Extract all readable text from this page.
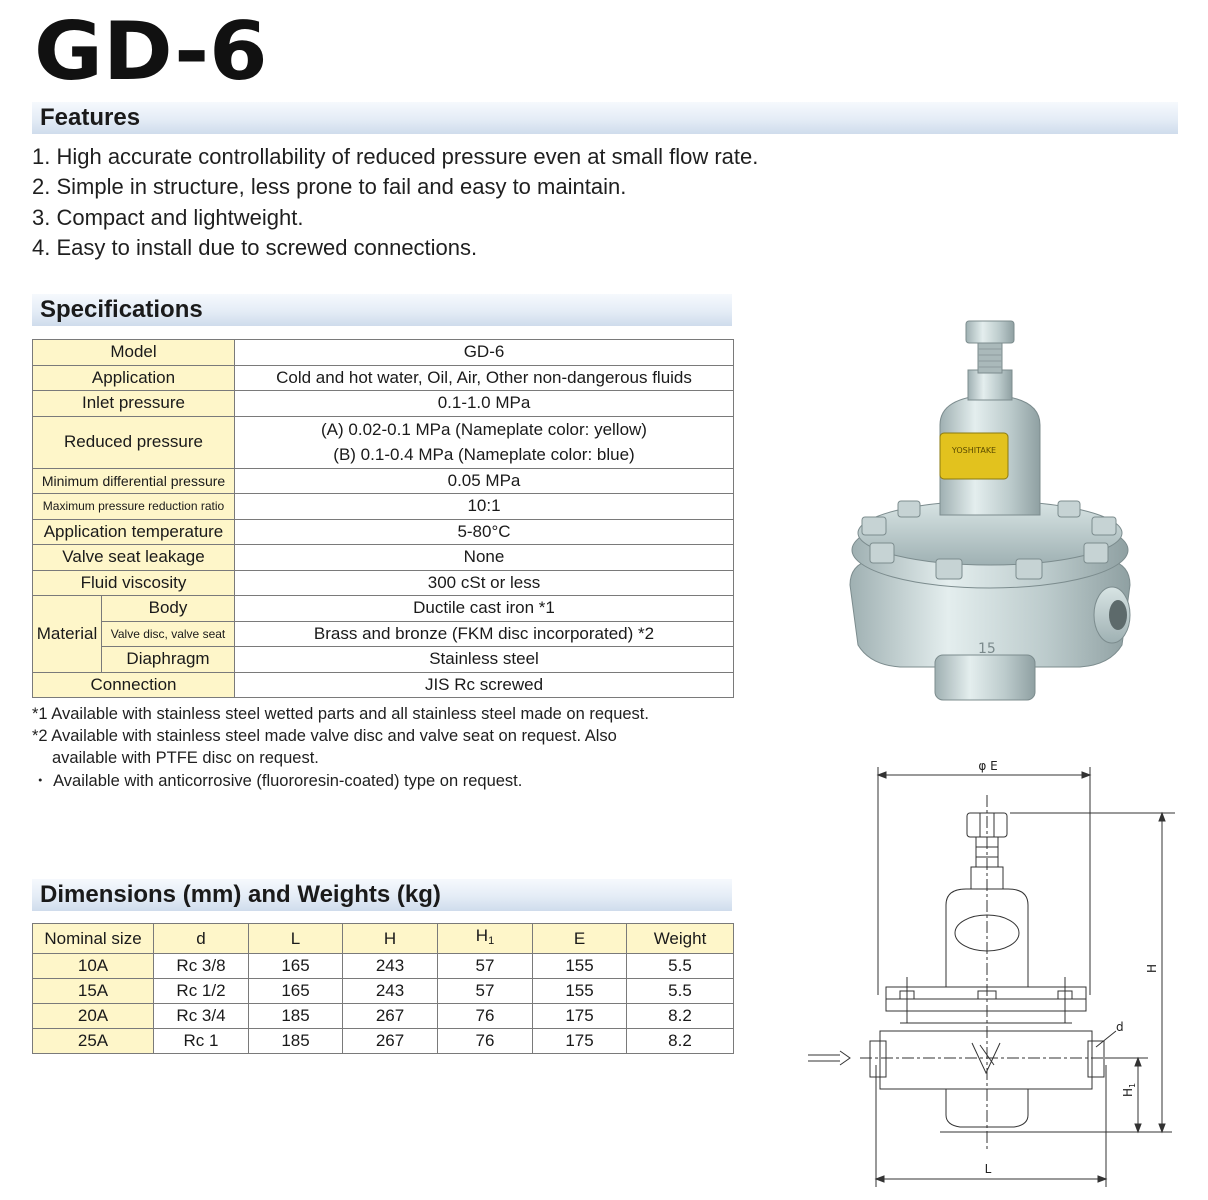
GD-6
Features
1. High accurate controllability of reduced pressure even at small flow rate.
2. Simple in structure, less prone to fail and easy to maintain.
3. Compact and lightweight.
4. Easy to install due to screwed connections.
Specifications
Model		GD-6
Application		Cold and hot water, Oil, Air, Other non-dangerous fluids
Inlet pressure		0.1-1.0 MPa
Reduced pressure		(A) 0.02-0.1 MPa (Nameplate color: yellow)
(B) 0.1-0.4 MPa (Nameplate color: blue)

Minimum differential pressure		0.05 MPa
Maximum pressure reduction ratio		10:1
Application temperature		5-80°C
Valve seat leakage		None
Fluid viscosity		300 cSt or less
Material	Body	Ductile cast iron *1
	Valve disc, valve seat	Brass and bronze (FKM disc incorporated) *2
	Diaphragm	Stainless steel
Connection		JIS Rc screwed
*1 Available with stainless steel wetted parts and all stainless steel made on request.
*2 Available with stainless steel made valve disc and valve seat on request. Also
available with PTFE disc on request.
・ Available with anticorrosive (fluororesin-coated) type on request.
Dimensions (mm) and Weights (kg)
Nominal size	d	L	H	$H_1$	E	Weight
10A	Rc 3/8	165	243	57	155	5.5
15A	Rc 1/2	165	243	57	155	5.5
20A	Rc 3/4	185	267	76	175	8.2
25A	Rc 1	185	267	76	175	8.2
YOSHITAKE
15
φ E
H
H
1
d
L
